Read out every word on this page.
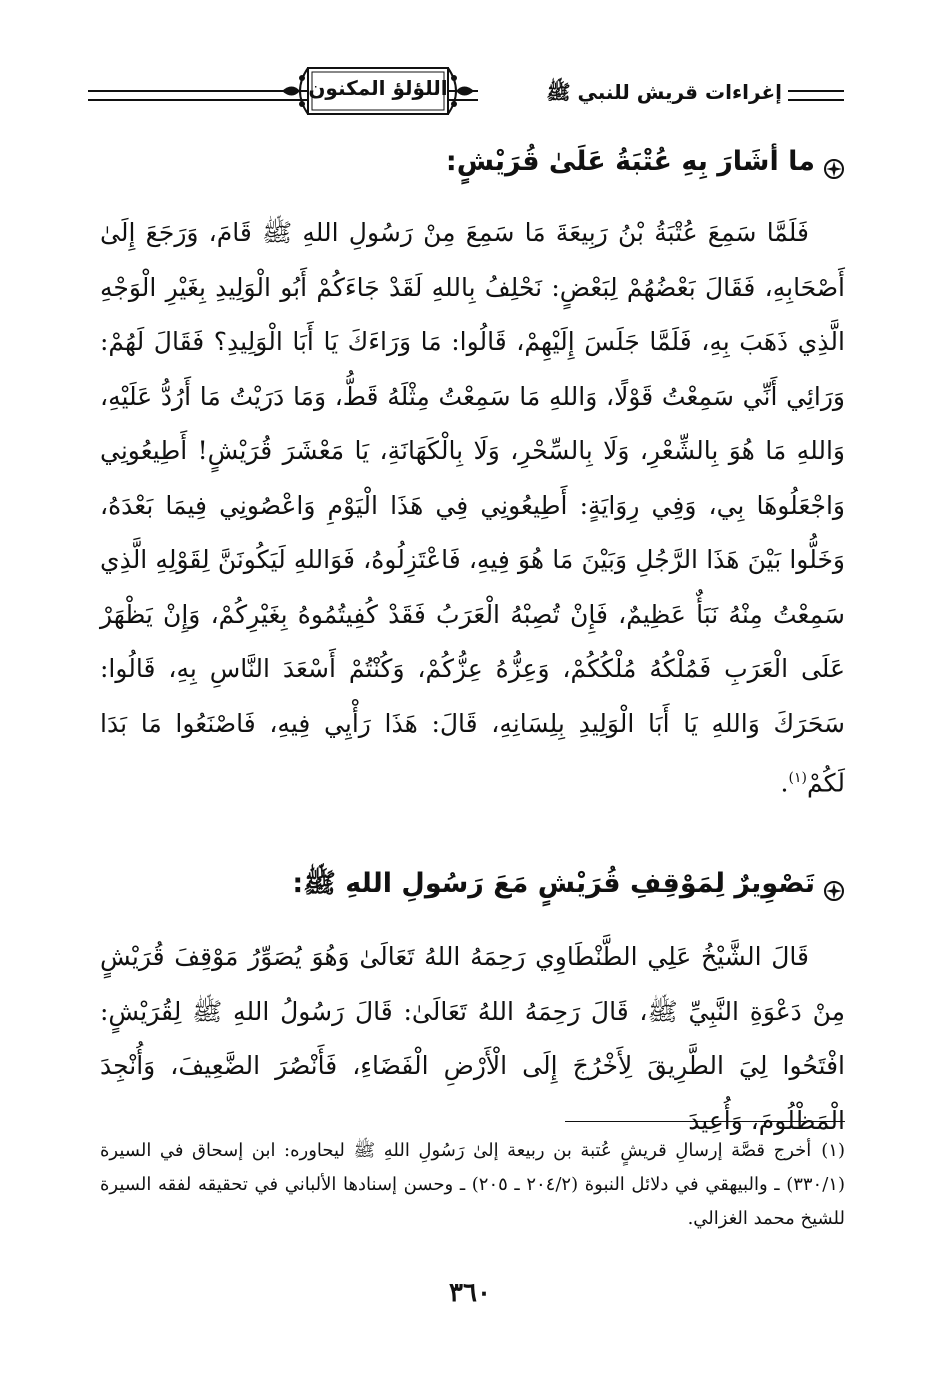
إغراءات قريش للنبي ﷺ
اللؤلؤ المكنون
ما أشَارَ بِهِ عُتْبَةُ عَلَىٰ قُرَيْشٍ:

فَلَمَّا سَمِعَ عُتْبَةُ بْنُ رَبِيعَةَ مَا سَمِعَ مِنْ رَسُولِ اللهِ ﷺ قَامَ، وَرَجَعَ إِلَىٰ أَصْحَابِهِ، فَقَالَ بَعْضُهُمْ لِبَعْضٍ: نَحْلِفُ بِاللهِ لَقَدْ جَاءَكُمْ أَبُو الْوَلِيدِ بِغَيْرِ الْوَجْهِ الَّذِي ذَهَبَ بِهِ، فَلَمَّا جَلَسَ إِلَيْهِمْ، قَالُوا: مَا وَرَاءَكَ يَا أَبَا الْوَلِيدِ؟ فَقَالَ لَهُمْ: وَرَائِي أَنِّي سَمِعْتُ قَوْلًا، وَاللهِ مَا سَمِعْتُ مِثْلَهُ قَطُّ، وَمَا دَرَيْتُ مَا أَرُدُّ عَلَيْهِ، وَاللهِ مَا هُوَ بِالشِّعْرِ، وَلَا بِالسِّحْرِ، وَلَا بِالْكَهَانَةِ، يَا مَعْشَرَ قُرَيْشٍ! أَطِيعُونِي وَاجْعَلُوهَا بِي، وَفِي رِوَايَةٍ: أَطِيعُونِي فِي هَذَا الْيَوْمِ وَاعْصُونِي فِيمَا بَعْدَهُ، وَخَلُّوا بَيْنَ هَذَا الرَّجُلِ وَبَيْنَ مَا هُوَ فِيهِ، فَاعْتَزِلُوهُ، فَوَاللهِ لَيَكُونَنَّ لِقَوْلِهِ الَّذِي سَمِعْتُ مِنْهُ نَبَأٌ عَظِيمٌ، فَإِنْ تُصِبْهُ الْعَرَبُ فَقَدْ كُفِيتُمُوهُ بِغَيْرِكُمْ، وَإِنْ يَظْهَرْ عَلَى الْعَرَبِ فَمُلْكُهُ مُلْكُكُمْ، وَعِزُّهُ عِزُّكُمْ، وَكُنْتُمْ أَسْعَدَ النَّاسِ بِهِ، قَالُوا: سَحَرَكَ وَاللهِ يَا أَبَا الْوَلِيدِ بِلِسَانِهِ، قَالَ: هَذَا رَأْيِي فِيهِ، فَاصْنَعُوا مَا بَدَا لَكُمْ$^{(١)}$.

تَصْوِيرٌ لِمَوْقِفِ قُرَيْشٍ مَعَ رَسُولِ اللهِ ﷺ:

قَالَ الشَّيْخُ عَلِي الطَّنْطَاوِي رَحِمَهُ اللهُ تَعَالَىٰ وَهُوَ يُصَوِّرُ مَوْقِفَ قُرَيْشٍ مِنْ دَعْوَةِ النَّبِيِّ ﷺ، قَالَ رَحِمَهُ اللهُ تَعَالَىٰ: قَالَ رَسُولُ اللهِ ﷺ لِقُرَيْشٍ: افْتَحُوا لِيَ الطَّرِيقَ لِأَخْرُجَ إِلَى الْأَرْضِ الْفَضَاءِ، فَأَنْصُرَ الضَّعِيفَ، وَأُنْجِدَ الْمَظْلُومَ، وَأُعِيدَ

(١)أخرج قصَّة إرسالِ قريشٍ عُتبة بن ربيعة إلىٰ رَسُولِ اللهِ ﷺ ليحاوره: ابن إسحاق في السيرة (٣٣٠/١) ـ والبيهقي في دلائل النبوة (٢٠٤/٢ ـ ٢٠٥) ـ وحسن إسنادها الألباني في تحقيقه لفقه السيرة للشيخ محمد الغزالي.
٣٦٠
